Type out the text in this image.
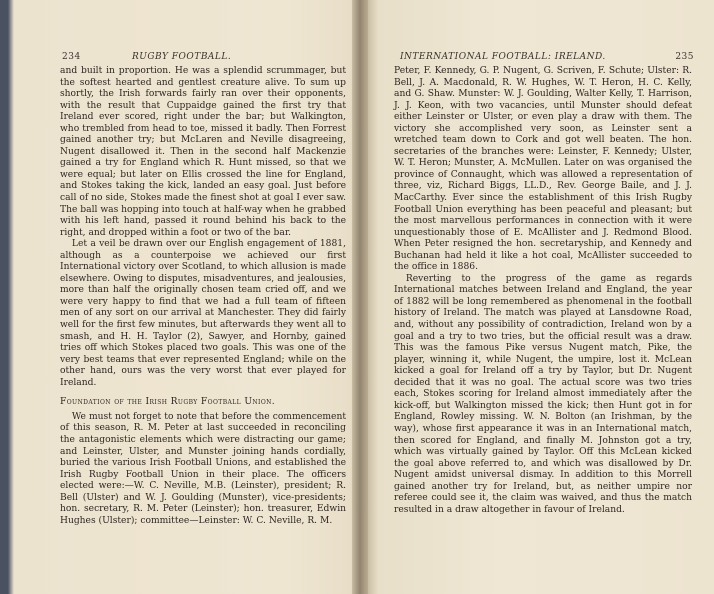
234	RUGBY FOOTBALL.

and built in proportion. He was a splendid scrummager, but the softest hearted and gentlest creature alive. To sum up shortly, the Irish forwards fairly ran over their opponents, with the result that Cuppaidge gained the first try that Ireland ever scored, right under the bar; but Walkington, who trembled from head to toe, missed it badly. Then Forrest gained another try; but McLaren and Neville disagreeing, Nugent disallowed it. Then in the second half Mackenzie gained a try for England which R. Hunt missed, so that we were equal; but later on Ellis crossed the line for England, and Stokes taking the kick, landed an easy goal. Just before call of no side, Stokes made the finest shot at goal I ever saw. The ball was hopping into touch at half-way when he grabbed with his left hand, passed it round behind his back to the right, and dropped within a foot or two of the bar.

Let a veil be drawn over our English engagement of 1881, although as a counterpoise we achieved our first International victory over Scotland, to which allusion is made elsewhere. Owing to disputes, misadventures, and jealousies, more than half the originally chosen team cried off, and we were very happy to find that we had a full team of fifteen men of any sort on our arrival at Manchester. They did fairly well for the first few minutes, but afterwards they went all to smash, and H. H. Taylor (2), Sawyer, and Hornby, gained tries off which Stokes placed two goals. This was one of the very best teams that ever represented England; while on the other hand, ours was the very worst that ever played for Ireland.

Foundation of the Irish Rugby Football Union.

We must not forget to note that before the commencement of this season, R. M. Peter at last succeeded in reconciling the antagonistic elements which were distracting our game; and Leinster, Ulster, and Munster joining hands cordially, buried the various Irish Football Unions, and established the Irish Rugby Football Union in their place. The officers elected were:—W. C. Neville, M.B. (Leinster), president; R. Bell (Ulster) and W. J. Goulding (Munster), vice-presidents; hon. secretary, R. M. Peter (Leinster); hon. treasurer, Edwin Hughes (Ulster); committee—Leinster: W. C. Neville, R. M.

INTERNATIONAL FOOTBALL: IRELAND.	235

Peter, F. Kennedy, G. P. Nugent, G. Scriven, F. Schute; Ulster: R. Bell, J. A. Macdonald, R. W. Hughes, W. T. Heron, H. C. Kelly, and G. Shaw. Munster: W. J. Goulding, Walter Kelly, T. Harrison, J. J. Keon, with two vacancies, until Munster should defeat either Leinster or Ulster, or even play a draw with them. The victory she accomplished very soon, as Leinster sent a wretched team down to Cork and got well beaten. The hon. secretaries of the branches were: Leinster, F. Kennedy; Ulster, W. T. Heron; Munster, A. McMullen. Later on was organised the province of Connaught, which was allowed a representation of three, viz, Richard Biggs, LL.D., Rev. George Baile, and J. J. MacCarthy. Ever since the establishment of this Irish Rugby Football Union everything has been peaceful and pleasant; but the most marvellous performances in connection with it were unquestionably those of E. McAllister and J. Redmond Blood. When Peter resigned the hon. secretaryship, and Kennedy and Buchanan had held it like a hot coal, McAllister succeeded to the office in 1886.

Reverting to the progress of the game as regards International matches between Ireland and England, the year of 1882 will be long remembered as phenomenal in the football history of Ireland. The match was played at Lansdowne Road, and, without any possibility of contradiction, Ireland won by a goal and a try to two tries, but the official result was a draw. This was the famous Pike versus Nugent match, Pike, the player, winning it, while Nugent, the umpire, lost it. McLean kicked a goal for Ireland off a try by Taylor, but Dr. Nugent decided that it was no goal. The actual score was two tries each, Stokes scoring for Ireland almost immediately after the kick-off, but Walkington missed the kick; then Hunt got in for England, Rowley missing. W. N. Bolton (an Irishman, by the way), whose first appearance it was in an International match, then scored for England, and finally M. Johnston got a try, which was virtually gained by Taylor. Off this McLean kicked the goal above referred to, and which was disallowed by Dr. Nugent amidst universal dismay. In addition to this Morrell gained another try for Ireland, but, as neither umpire nor referee could see it, the claim was waived, and thus the match resulted in a draw altogether in favour of Ireland.
